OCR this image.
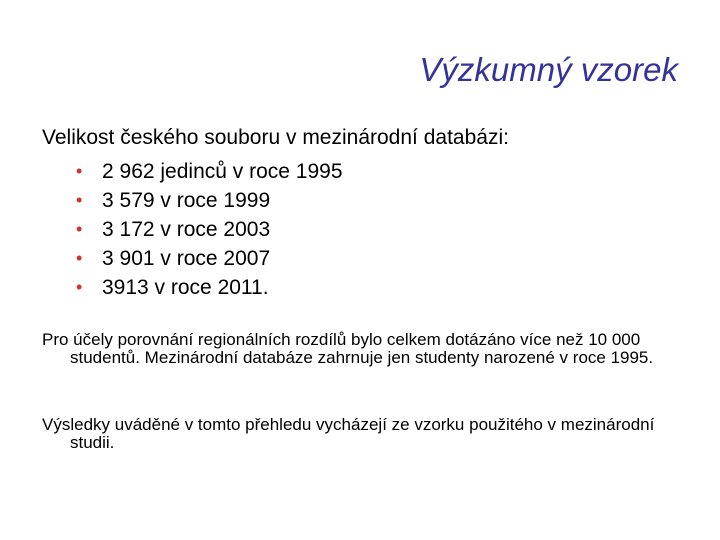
Výzkumný vzorek
Velikost českého souboru v mezinárodní databázi:
• 2 962 jedinců v roce 1995
• 3 579 v roce 1999
• 3 172 v roce 2003
• 3 901 v roce 2007
• 3913 v roce 2011.
Pro účely porovnání regionálních rozdílů bylo celkem dotázáno více než 10 000 studentů. Mezinárodní databáze zahrnuje jen studenty narozené v roce 1995.
Výsledky uváděné v tomto přehledu vycházejí ze vzorku použitého v mezinárodní studii.
